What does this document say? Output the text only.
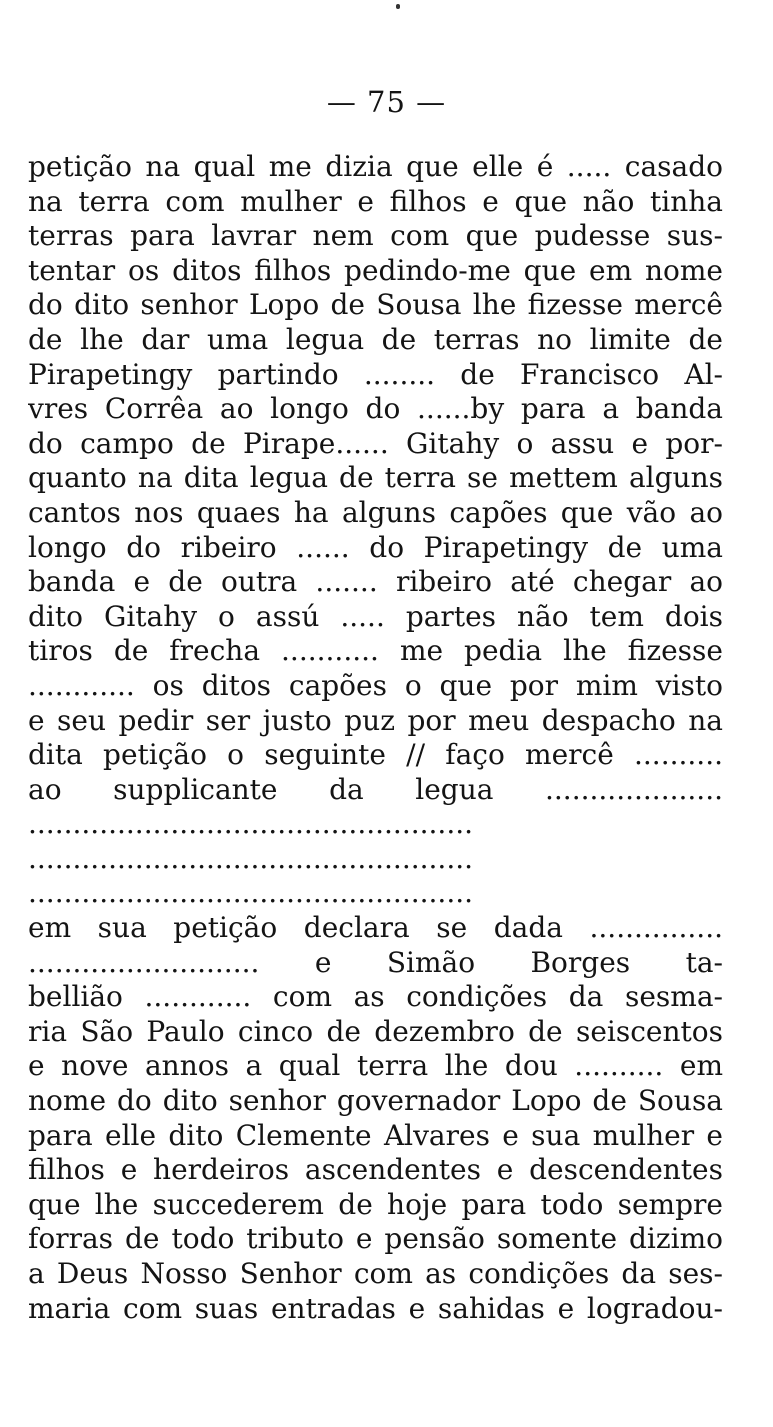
— 75 —
petição na qual me dizia que elle é ..... casado
na terra com mulher e filhos e que não tinha
terras para lavrar nem com que pudesse sus-
tentar os ditos filhos pedindo-me que em nome
do dito senhor Lopo de Sousa lhe fizesse mercê
de lhe dar uma legua de terras no limite de
Pirapetingy partindo ........ de Francisco Al-
vres Corrêa ao longo do ......by para a banda
do campo de Pirape...... Gitahy o assu e por-
quanto na dita legua de terra se mettem alguns
cantos nos quaes ha alguns capões que vão ao
longo do ribeiro ...... do Pirapetingy de uma
banda e de outra ....... ribeiro até chegar ao
dito Gitahy o assú ..... partes não tem dois
tiros de frecha ........... me pedia lhe fizesse
............ os ditos capões o que por mim visto
e seu pedir ser justo puz por meu despacho na
dita petição o seguinte // faço mercê ..........
ao supplicante da legua ....................
..................................................
..................................................
..................................................
em sua petição declara se dada ...............
.......................... e Simão Borges ta-
bellião ............ com as condições da sesma-
ria São Paulo cinco de dezembro de seiscentos
e nove annos a qual terra lhe dou .......... em
nome do dito senhor governador Lopo de Sousa
para elle dito Clemente Alvares e sua mulher e
filhos e herdeiros ascendentes e descendentes
que lhe succederem de hoje para todo sempre
forras de todo tributo e pensão somente dizimo
a Deus Nosso Senhor com as condições da ses-
maria com suas entradas e sahidas e logradou-
